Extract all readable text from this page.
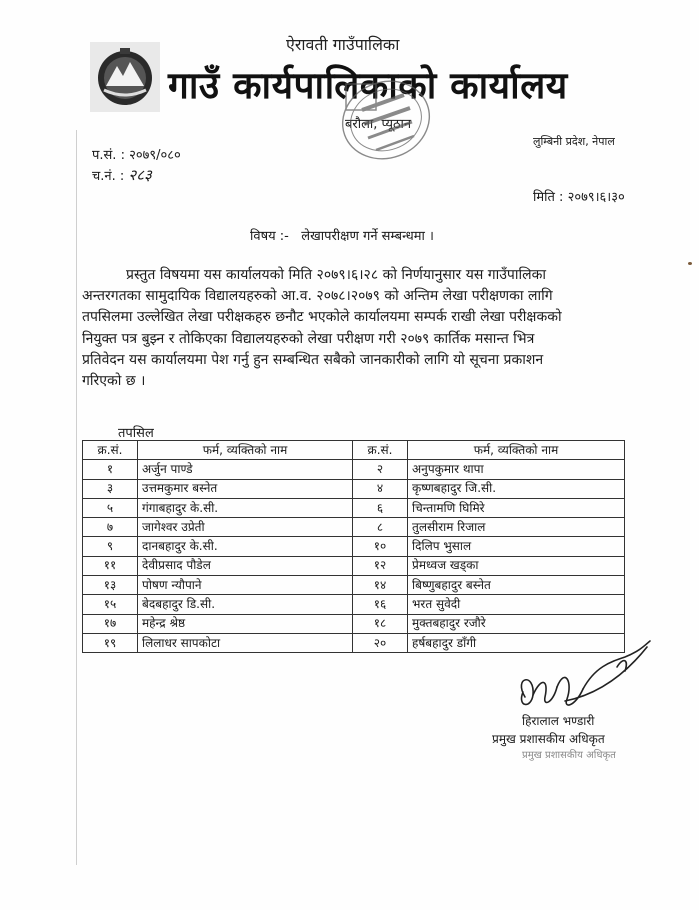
ऐरावती गाउँपालिका
गाउँ कार्यपालिकाको कार्यालय
बरौला, प्यूठान
लुम्बिनी प्रदेश, नेपाल
प.सं. : २०७९/०८०
च.नं. : २८३
मिति : २०७९।६।३०
विषय :- लेखापरीक्षण गर्ने सम्बन्धमा ।
प्रस्तुत विषयमा यस कार्यालयको मिति २०७९।६।२८ को निर्णयानुसार यस गाउँपालिका
अन्तरगतका सामुदायिक विद्यालयहरुको आ.व. २०७८।२०७९ को अन्तिम लेखा परीक्षणका लागि
तपसिलमा उल्लेखित लेखा परीक्षकहरु छनौट भएकोले कार्यालयमा सम्पर्क राखी लेखा परीक्षकको
नियुक्त पत्र बुझ्न र तोकिएका विद्यालयहरुको लेखा परीक्षण गरी २०७९ कार्तिक मसान्त भित्र
प्रतिवेदन यस कार्यालयमा पेश गर्नु हुन सम्बन्धित सबैको जानकारीको लागि यो सूचना प्रकाशन
गरिएको छ ।
तपसिल
क्र.सं.	फर्म, व्यक्तिको नाम	क्र.सं.	फर्म, व्यक्तिको नाम
१	अर्जुन पाण्डे	२	अनुपकुमार थापा
३	उत्तमकुमार बस्नेत	४	कृष्णबहादुर जि.सी.
५	गंगाबहादुर के.सी.	६	चिन्तामणि घिमिरे
७	जागेश्वर उप्रेती	८	तुलसीराम रिजाल
९	दानबहादुर के.सी.	१०	दिलिप भुसाल
११	देवीप्रसाद पौडेल	१२	प्रेमध्वज खड्का
१३	पोषण न्यौपाने	१४	बिष्णुबहादुर बस्नेत
१५	बेदबहादुर डि.सी.	१६	भरत सुवेदी
१७	महेन्द्र श्रेष्ठ	१८	मुक्तबहादुर रजौरे
१९	लिलाधर सापकोटा	२०	हर्षबहादुर डाँगी
हिरालाल भण्डारी
प्रमुख प्रशासकीय अधिकृत
प्रमुख प्रशासकीय अधिकृत
